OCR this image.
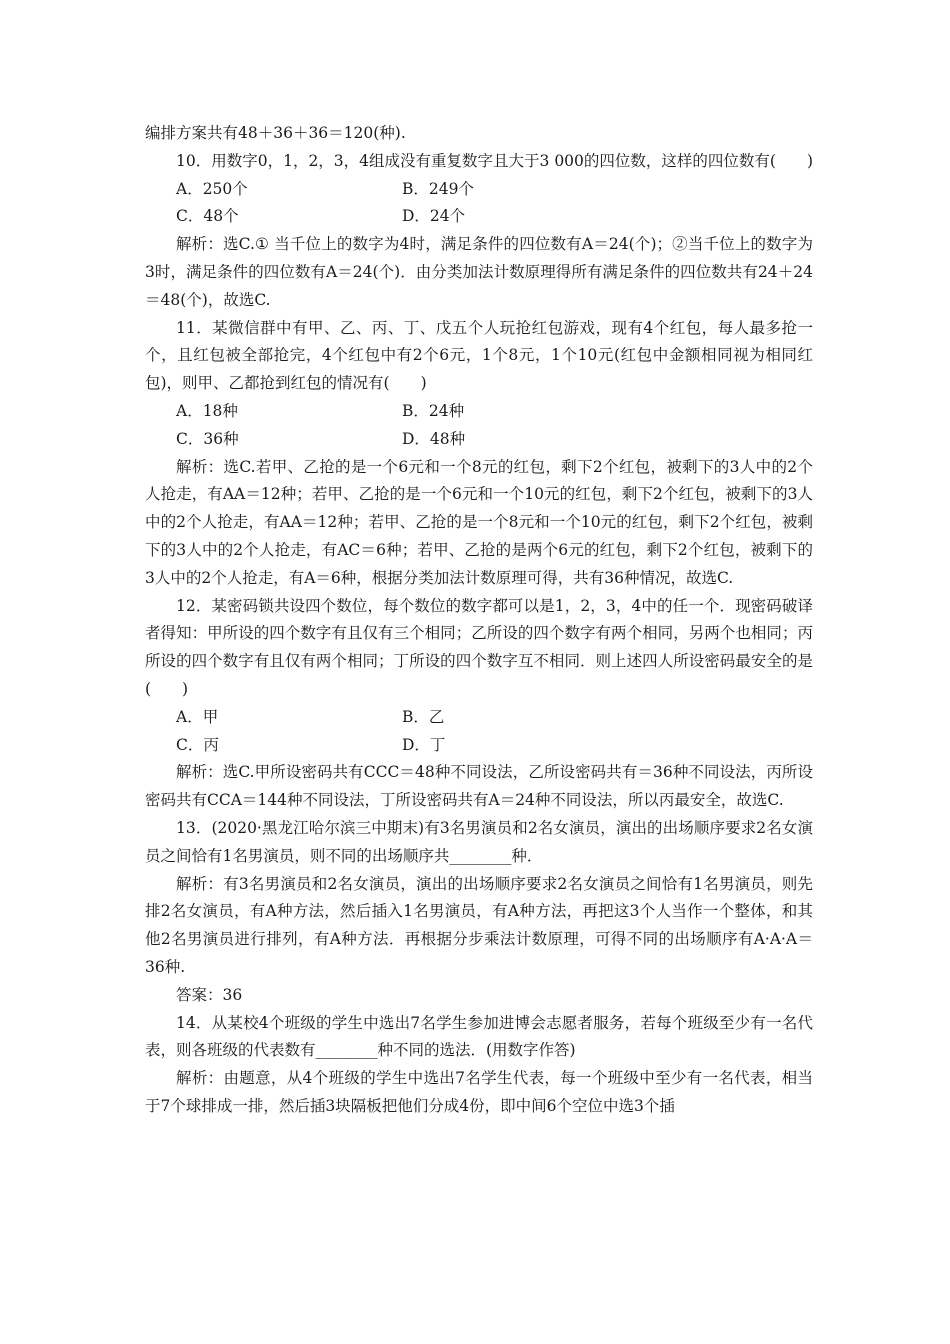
编排方案共有48＋36＋36＝120(种).

10．用数字0，1，2，3，4组成没有重复数字且大于3 000的四位数，这样的四位数有(　　)

A．250个	B．249个
C．48个	D．24个

解析：选C.① 当千位上的数字为4时，满足条件的四位数有A＝24(个)；②当千位上的数字为3时，满足条件的四位数有A＝24(个)．由分类加法计数原理得所有满足条件的四位数共有24＋24＝48(个)，故选C.

11．某微信群中有甲、乙、丙、丁、戊五个人玩抢红包游戏，现有4个红包，每人最多抢一个，且红包被全部抢完，4个红包中有2个6元，1个8元，1个10元(红包中金额相同视为相同红包)，则甲、乙都抢到红包的情况有(　　)

A．18种	B．24种
C．36种	D．48种

解析：选C.若甲、乙抢的是一个6元和一个8元的红包，剩下2个红包，被剩下的3人中的2个人抢走，有AA＝12种；若甲、乙抢的是一个6元和一个10元的红包，剩下2个红包，被剩下的3人中的2个人抢走，有AA＝12种；若甲、乙抢的是一个8元和一个10元的红包，剩下2个红包，被剩下的3人中的2个人抢走，有AC＝6种；若甲、乙抢的是两个6元的红包，剩下2个红包，被剩下的3人中的2个人抢走，有A＝6种，根据分类加法计数原理可得，共有36种情况，故选C.

12．某密码锁共设四个数位，每个数位的数字都可以是1，2，3，4中的任一个．现密码破译者得知：甲所设的四个数字有且仅有三个相同；乙所设的四个数字有两个相同，另两个也相同；丙所设的四个数字有且仅有两个相同；丁所设的四个数字互不相同．则上述四人所设密码最安全的是(　　)

A．甲	B．乙
C．丙	D．丁

解析：选C.甲所设密码共有CCC＝48种不同设法，乙所设密码共有＝36种不同设法，丙所设密码共有CCA＝144种不同设法，丁所设密码共有A＝24种不同设法，所以丙最安全，故选C.

13．(2020·黑龙江哈尔滨三中期末)有3名男演员和2名女演员，演出的出场顺序要求2名女演员之间恰有1名男演员，则不同的出场顺序共________种．

解析：有3名男演员和2名女演员，演出的出场顺序要求2名女演员之间恰有1名男演员，则先排2名女演员，有A种方法，然后插入1名男演员，有A种方法，再把这3个人当作一个整体，和其他2名男演员进行排列，有A种方法．再根据分步乘法计数原理，可得不同的出场顺序有A·A·A＝36种.

答案：36

14．从某校4个班级的学生中选出7名学生参加进博会志愿者服务，若每个班级至少有一名代表，则各班级的代表数有________种不同的选法．(用数字作答)

解析：由题意，从4个班级的学生中选出7名学生代表，每一个班级中至少有一名代表，相当于7个球排成一排，然后插3块隔板把他们分成4份，即中间6个空位中选3个插
